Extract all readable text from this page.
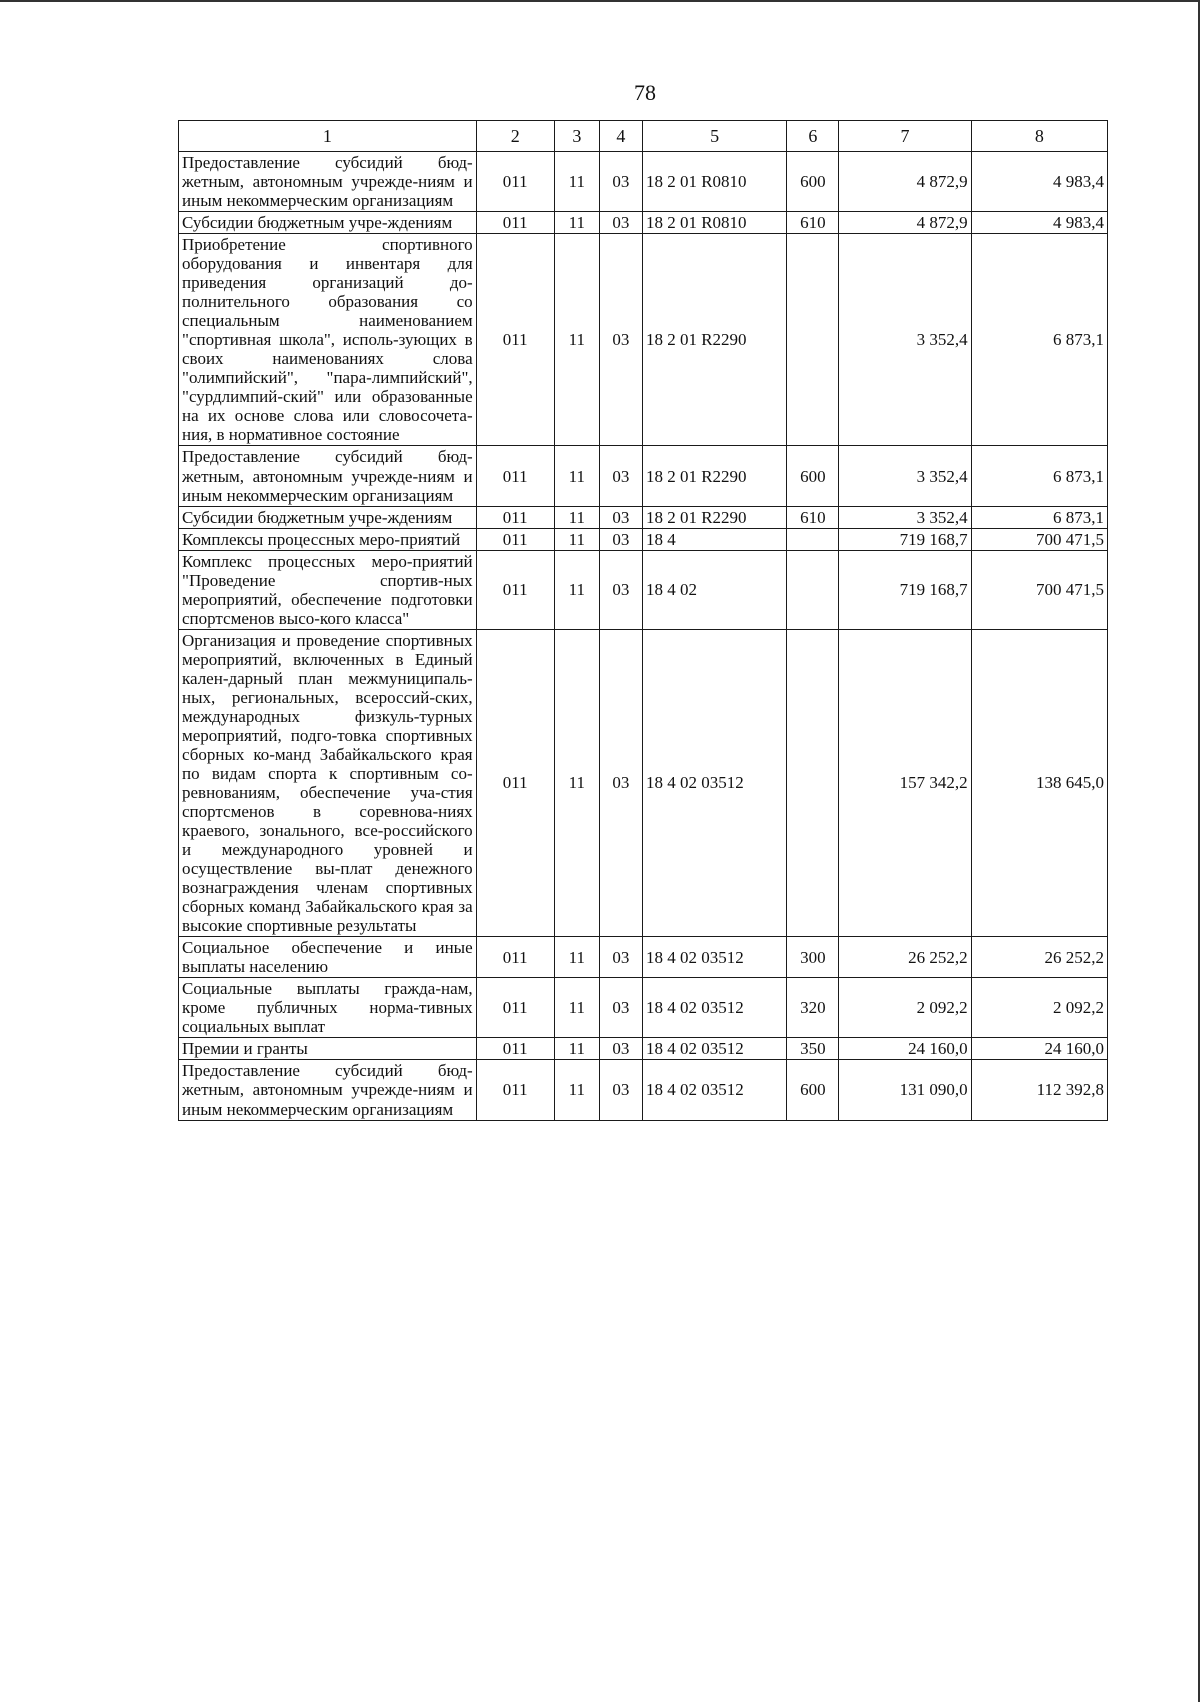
78
1	2	3	4	5	6	7	8
Предоставление субсидий бюд-жетным, автономным учрежде-ниям и иным некоммерческим организациям	011	11	03	18 2 01 R0810	600	4 872,9	4 983,4
Субсидии бюджетным учре-ждениям	011	11	03	18 2 01 R0810	610	4 872,9	4 983,4
Приобретение спортивного оборудования и инвентаря для приведения организаций до-полнительного образования со специальным наименованием "спортивная школа", исполь-зующих в своих наименованиях слова "олимпийский", "пара-лимпийский", "сурдлимпий-ский" или образованные на их основе слова или словосочета-ния, в нормативное состояние	011	11	03	18 2 01 R2290		3 352,4	6 873,1
Предоставление субсидий бюд-жетным, автономным учрежде-ниям и иным некоммерческим организациям	011	11	03	18 2 01 R2290	600	3 352,4	6 873,1
Субсидии бюджетным учре-ждениям	011	11	03	18 2 01 R2290	610	3 352,4	6 873,1
Комплексы процессных меро-приятий	011	11	03	18 4		719 168,7	700 471,5
Комплекс процессных меро-приятий "Проведение спортив-ных мероприятий, обеспечение подготовки спортсменов высо-кого класса"	011	11	03	18 4 02		719 168,7	700 471,5
Организация и проведение спортивных мероприятий, включенных в Единый кален-дарный план межмуниципаль-ных, региональных, всероссий-ских, международных физкуль-турных мероприятий, подго-товка спортивных сборных ко-манд Забайкальского края по видам спорта к спортивным со-ревнованиям, обеспечение уча-стия спортсменов в соревнова-ниях краевого, зонального, все-российского и международного уровней и осуществление вы-плат денежного вознаграждения членам спортивных сборных команд Забайкальского края за высокие спортивные результаты	011	11	03	18 4 02 03512		157 342,2	138 645,0
Социальное обеспечение и иные выплаты населению	011	11	03	18 4 02 03512	300	26 252,2	26 252,2
Социальные выплаты гражда-нам, кроме публичных норма-тивных социальных выплат	011	11	03	18 4 02 03512	320	2 092,2	2 092,2
Премии и гранты	011	11	03	18 4 02 03512	350	24 160,0	24 160,0
Предоставление субсидий бюд-жетным, автономным учрежде-ниям и иным некоммерческим организациям	011	11	03	18 4 02 03512	600	131 090,0	112 392,8
